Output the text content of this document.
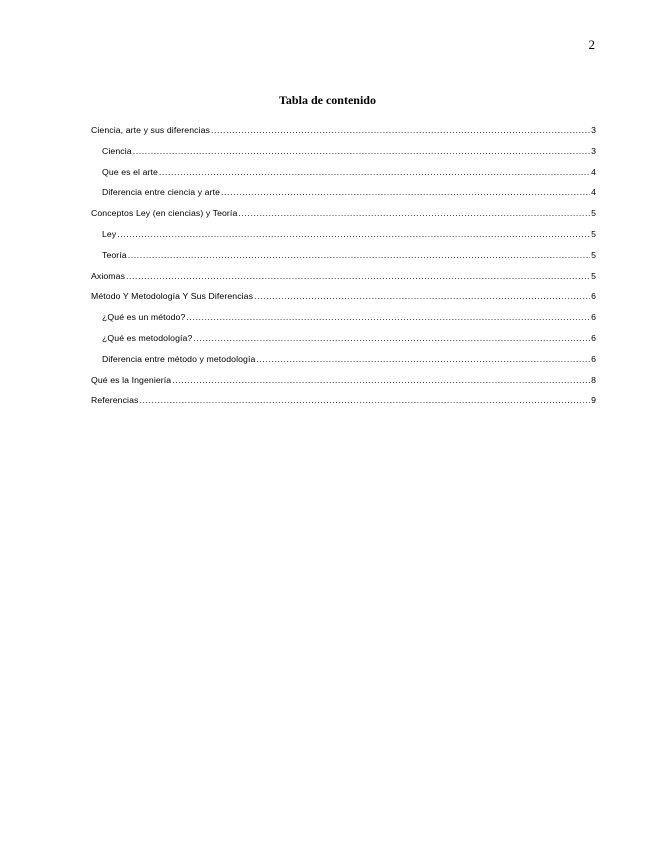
2
Tabla de contenido
Ciencia, arte y sus diferencias .....	3
Ciencia .....	3
Que es el arte .....	4
Diferencia entre ciencia y arte .....	4
Conceptos Ley (en ciencias) y Teoría .....	5
Ley .....	5
Teoría .....	5
Axiomas .....	5
Método Y Metodología Y Sus Diferencias .....	6
¿Qué es un método? .....	6
¿Qué es metodología? .....	6
Diferencia entre método y metodología .....	6
Qué es la Ingeniería .....	8
Referencias .....	9
